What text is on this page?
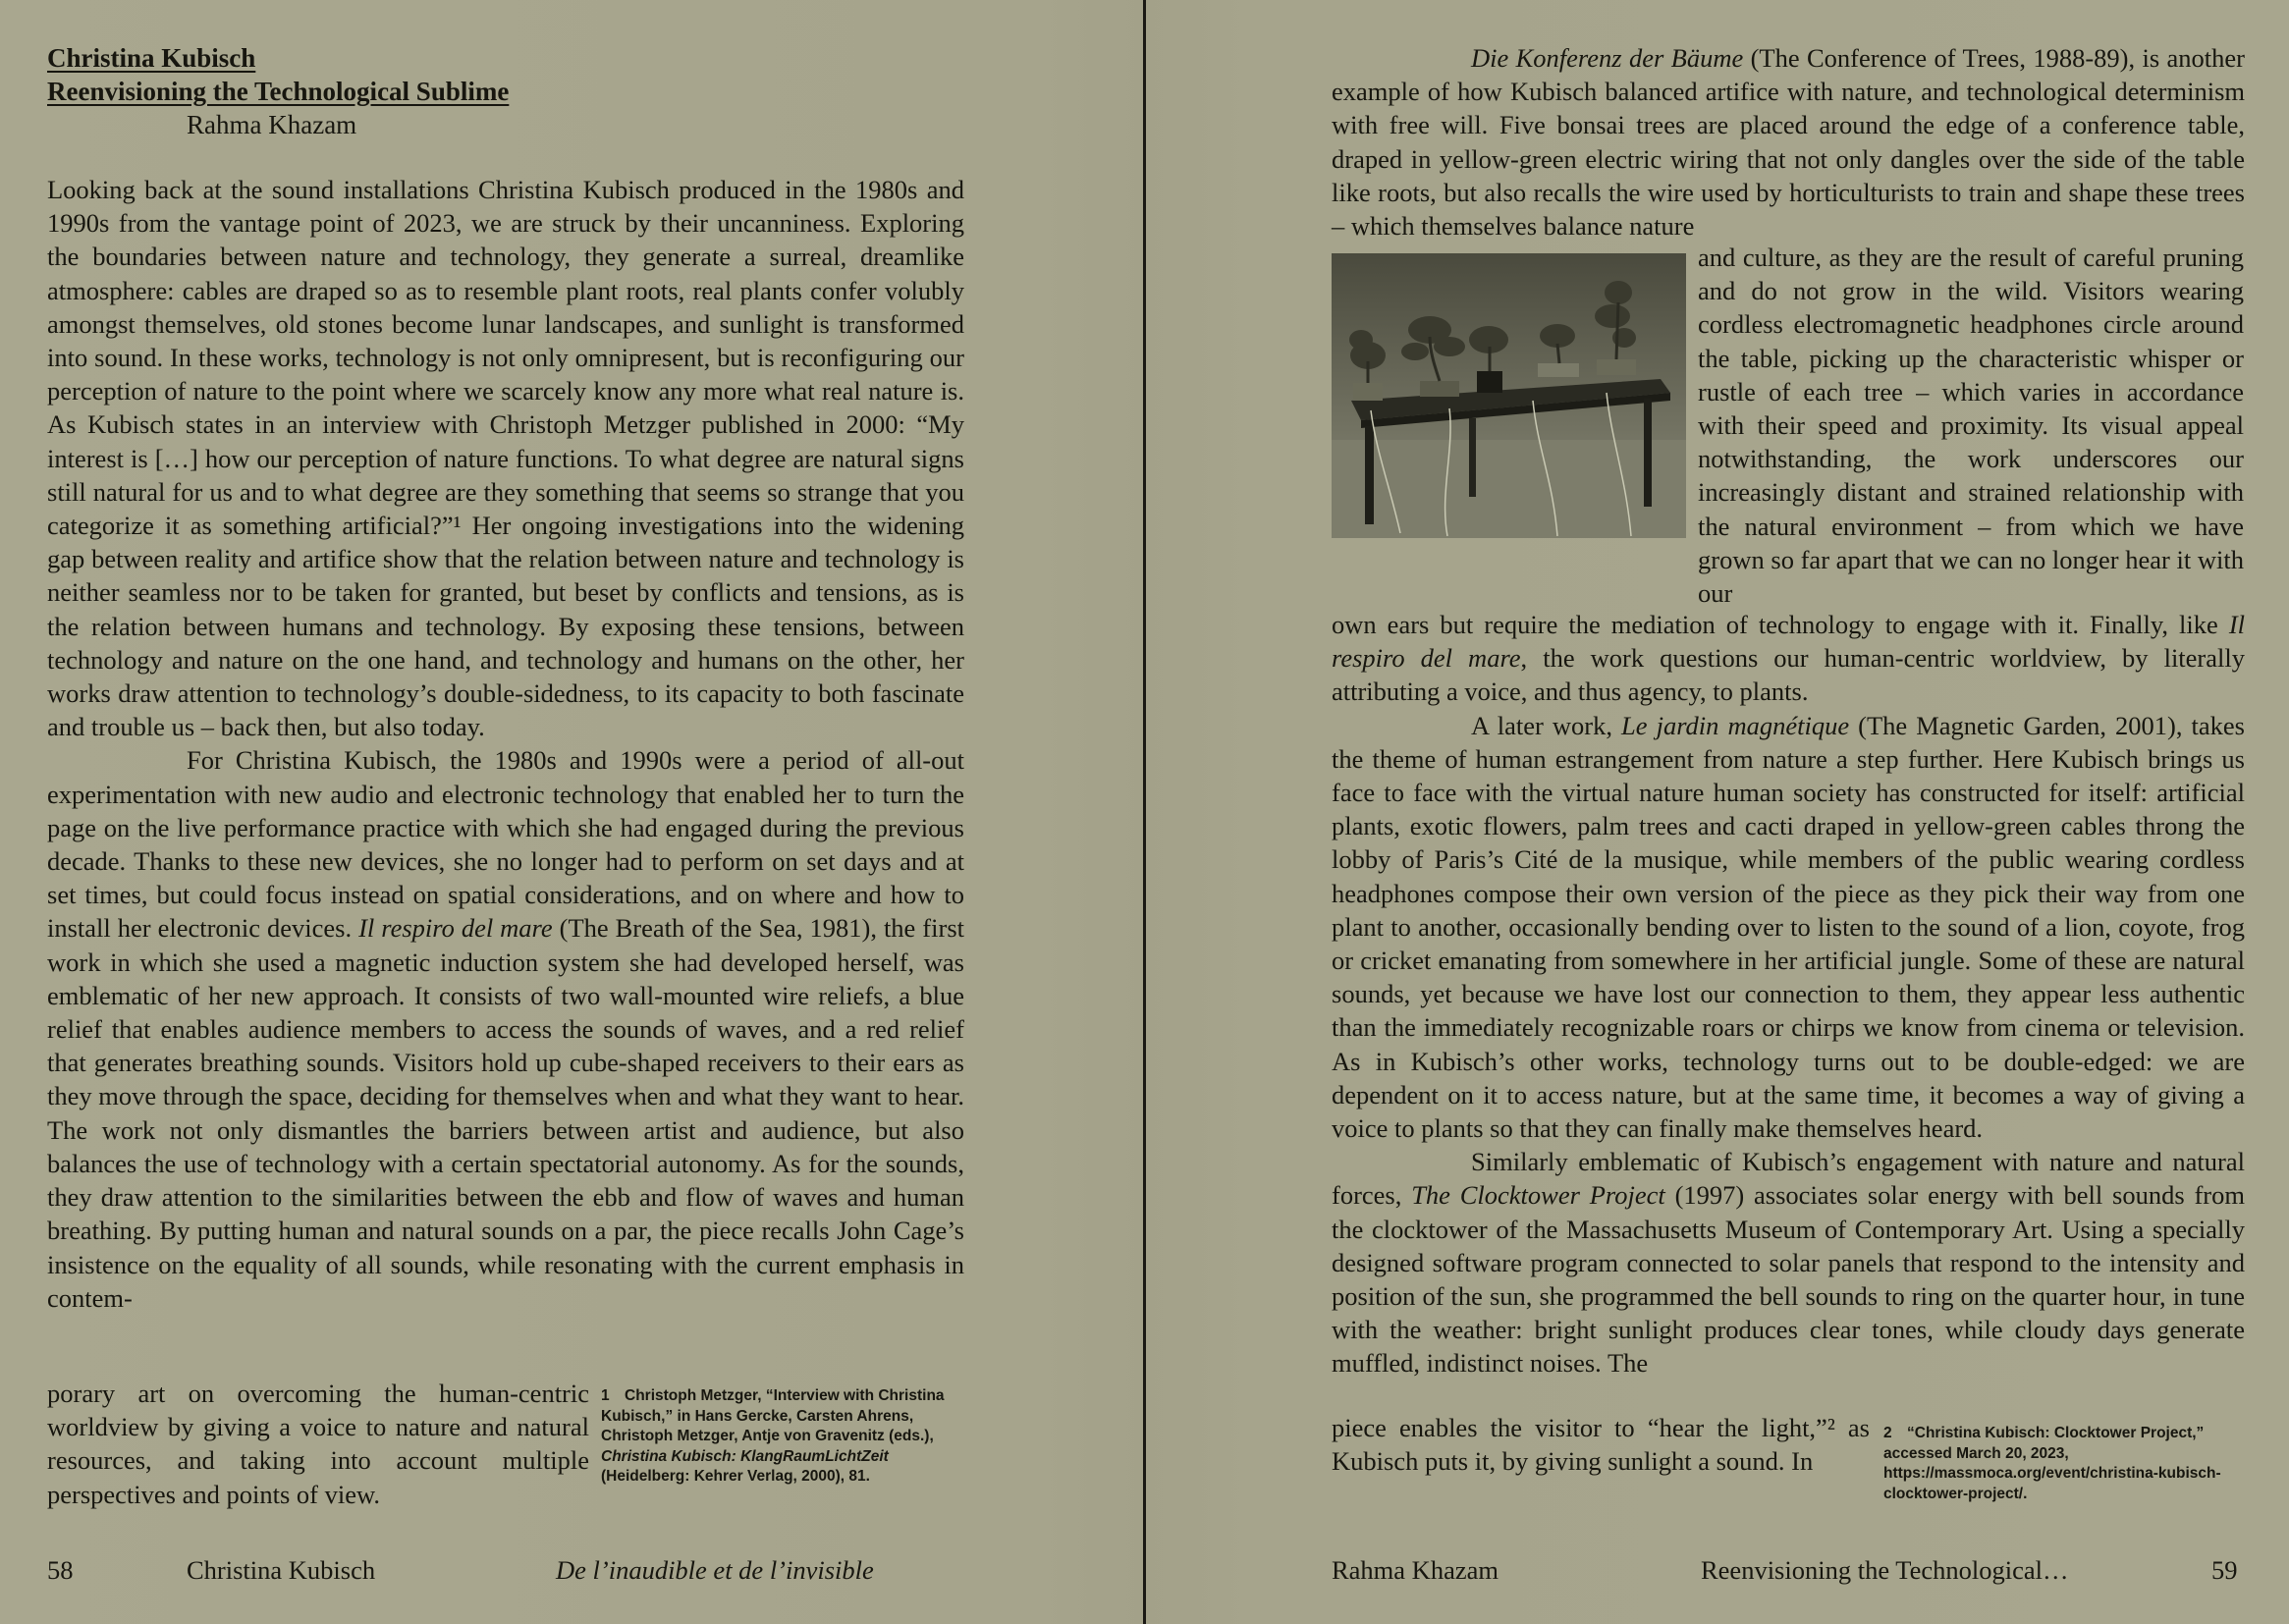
Christina Kubisch
Reenvisioning the Technological Sublime
Rahma Khazam

Looking back at the sound installations Christina Kubisch produced in the 1980s and 1990s from the vantage point of 2023, we are struck by their uncanniness. Exploring the boundaries between nature and technology, they generate a surreal, dreamlike atmosphere: cables are draped so as to resemble plant roots, real plants confer volubly amongst themselves, old stones become lunar landscapes, and sunlight is transformed into sound. In these works, technology is not only omnipresent, but is reconfiguring our perception of nature to the point where we scarcely know any more what real nature is. As Kubisch states in an interview with Christoph Metzger published in 2000: “My interest is […] how our perception of nature functions. To what degree are natural signs still natural for us and to what degree are they something that seems so strange that you categorize it as something artificial?”¹ Her ongoing investigations into the widening gap between reality and artifice show that the relation between nature and technology is neither seamless nor to be taken for granted, but beset by conflicts and tensions, as is the relation between humans and technology. By exposing these tensions, between technology and nature on the one hand, and technology and humans on the other, her works draw attention to technology’s double-sidedness, to its capacity to both fascinate and trouble us – back then, but also today.

For Christina Kubisch, the 1980s and 1990s were a period of all-out experimentation with new audio and electronic technology that enabled her to turn the page on the live performance practice with which she had engaged during the previous decade. Thanks to these new devices, she no longer had to perform on set days and at set times, but could focus instead on spatial considerations, and on where and how to install her electronic devices. Il respiro del mare (The Breath of the Sea, 1981), the first work in which she used a magnetic induction system she had developed herself, was emblematic of her new approach. It consists of two wall-mounted wire reliefs, a blue relief that enables audience members to access the sounds of waves, and a red relief that generates breathing sounds. Visitors hold up cube-shaped receivers to their ears as they move through the space, deciding for themselves when and what they want to hear. The work not only dismantles the barriers between artist and audience, but also balances the use of technology with a certain spectatorial autonomy. As for the sounds, they draw attention to the similarities between the ebb and flow of waves and human breathing. By putting human and natural sounds on a par, the piece recalls John Cage’s insistence on the equality of all sounds, while resonating with the current emphasis in contem-

porary art on overcoming the human-centric worldview by giving a voice to nature and natural resources, and taking into account multiple perspectives and points of view.

1 Christoph Metzger, “Interview with Christina Kubisch,” in Hans Gercke, Carsten Ahrens, Christoph Metzger, Antje von Gravenitz (eds.), Christina Kubisch: KlangRaumLichtZeit (Heidelberg: Kehrer Verlag, 2000), 81.
58	Christina Kubisch	De l’inaudible et de l’invisible

Die Konferenz der Bäume (The Conference of Trees, 1988-89), is another example of how Kubisch balanced artifice with nature, and technological determinism with free will. Five bonsai trees are placed around the edge of a conference table, draped in yellow-green electric wiring that not only dangles over the side of the table like roots, but also recalls the wire used by horticulturists to train and shape these trees – which themselves balance nature

and culture, as they are the result of careful pruning and do not grow in the wild. Visitors wearing cordless electromagnetic headphones circle around the table, picking up the characteristic whisper or rustle of each tree – which varies in accordance with their speed and proximity. Its visual appeal notwithstanding, the work underscores our increasingly distant and strained relationship with the natural environment – from which we have grown so far apart that we can no longer hear it with our

own ears but require the mediation of technology to engage with it. Finally, like Il respiro del mare, the work questions our human-centric worldview, by literally attributing a voice, and thus agency, to plants.

A later work, Le jardin magnétique (The Magnetic Garden, 2001), takes the theme of human estrangement from nature a step further. Here Kubisch brings us face to face with the virtual nature human society has constructed for itself: artificial plants, exotic flowers, palm trees and cacti draped in yellow-green cables throng the lobby of Paris’s Cité de la musique, while members of the public wearing cordless headphones compose their own version of the piece as they pick their way from one plant to another, occasionally bending over to listen to the sound of a lion, coyote, frog or cricket emanating from somewhere in her artificial jungle. Some of these are natural sounds, yet because we have lost our connection to them, they appear less authentic than the immediately recognizable roars or chirps we know from cinema or television. As in Kubisch’s other works, technology turns out to be double-edged: we are dependent on it to access nature, but at the same time, it becomes a way of giving a voice to plants so that they can finally make themselves heard.

Similarly emblematic of Kubisch’s engagement with nature and natural forces, The Clocktower Project (1997) associates solar energy with bell sounds from the clocktower of the Massachusetts Museum of Contemporary Art. Using a specially designed software program connected to solar panels that respond to the intensity and position of the sun, she programmed the bell sounds to ring on the quarter hour, in tune with the weather: bright sunlight produces clear tones, while cloudy days generate muffled, indistinct noises. The

piece enables the visitor to “hear the light,”² as Kubisch puts it, by giving sunlight a sound. In

2 “Christina Kubisch: Clocktower Project,” accessed March 20, 2023, https://massmoca.org/event/christina-kubisch-clocktower-project/.
Rahma Khazam	Reenvisioning the Technological…	59
